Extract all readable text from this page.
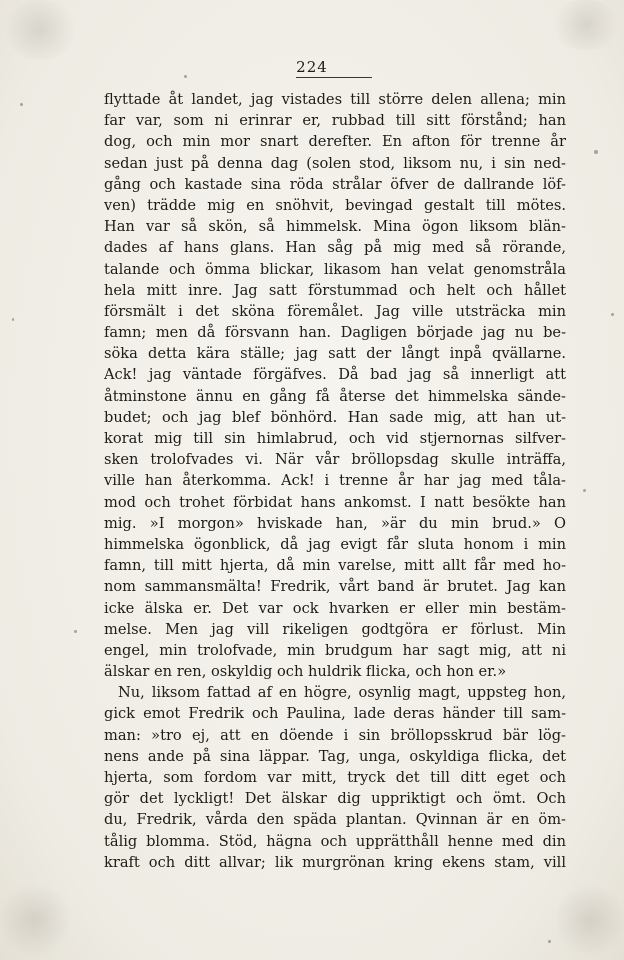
224
flyttade åt landet, jag vistades till större delen allena; min
far var, som ni erinrar er, rubbad till sitt förstånd; han
dog, och min mor snart derefter. En afton för trenne år
sedan just på denna dag (solen stod, liksom nu, i sin ned-
gång och kastade sina röda strålar öfver de dallrande löf-
ven) trädde mig en snöhvit, bevingad gestalt till mötes.
Han var så skön, så himmelsk. Mina ögon liksom blän-
dades af hans glans. Han såg på mig med så rörande,
talande och ömma blickar, likasom han velat genomstråla
hela mitt inre. Jag satt förstummad och helt och hållet
försmält i det sköna föremålet. Jag ville utsträcka min
famn; men då försvann han. Dagligen började jag nu be-
söka detta kära ställe; jag satt der långt inpå qvällarne.
Ack! jag väntade förgäfves. Då bad jag så innerligt att
åtminstone ännu en gång få återse det himmelska sände-
budet; och jag blef bönhörd. Han sade mig, att han ut-
korat mig till sin himlabrud, och vid stjernornas silfver-
sken trolofvades vi. När vår bröllopsdag skulle inträffa,
ville han återkomma. Ack! i trenne år har jag med tåla-
mod och trohet förbidat hans ankomst. I natt besökte han
mig. »I morgon» hviskade han, »är du min brud.» O
himmelska ögonblick, då jag evigt får sluta honom i min
famn, till mitt hjerta, då min varelse, mitt allt får med ho-
nom sammansmälta! Fredrik, vårt band är brutet. Jag kan
icke älska er. Det var ock hvarken er eller min bestäm-
melse. Men jag vill rikeligen godtgöra er förlust. Min
engel, min trolofvade, min brudgum har sagt mig, att ni
älskar en ren, oskyldig och huldrik flicka, och hon er.»
Nu, liksom fattad af en högre, osynlig magt, uppsteg hon,
gick emot Fredrik och Paulina, lade deras händer till sam-
man: »tro ej, att en döende i sin bröllopsskrud bär lög-
nens ande på sina läppar. Tag, unga, oskyldiga flicka, det
hjerta, som fordom var mitt, tryck det till ditt eget och
gör det lyckligt! Det älskar dig uppriktigt och ömt. Och
du, Fredrik, vårda den späda plantan. Qvinnan är en öm-
tålig blomma. Stöd, hägna och upprätthåll henne med din
kraft och ditt allvar; lik murgrönan kring ekens stam, vill
